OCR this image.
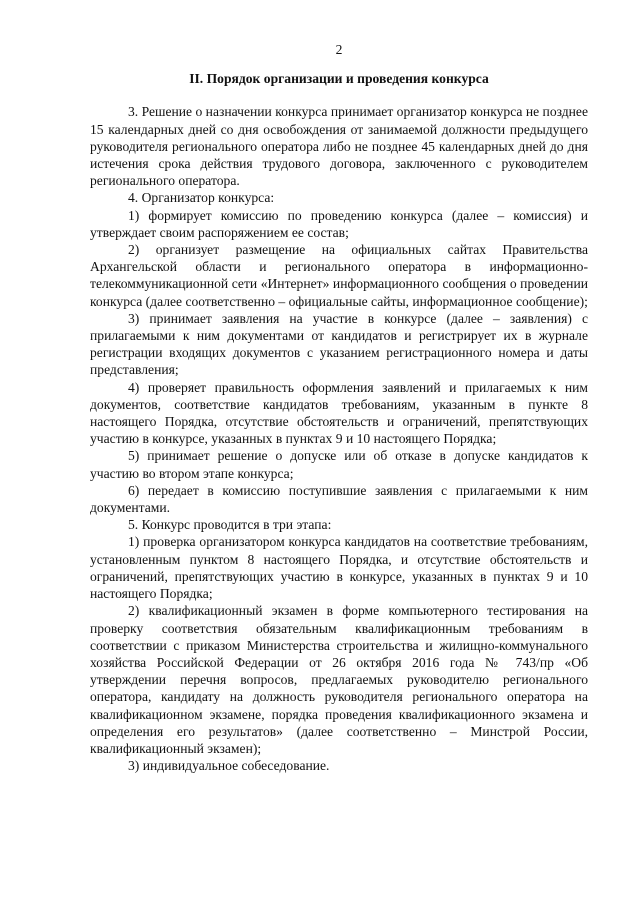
2
II. Порядок организации и проведения конкурса

3. Решение о назначении конкурса принимает организатор конкурса не позднее 15 календарных дней со дня освобождения от занимаемой должности предыдущего руководителя регионального оператора либо не позднее 45 календарных дней до дня истечения срока действия трудового договора, заключенного с руководителем регионального оператора.

4. Организатор конкурса:

1) формирует комиссию по проведению конкурса (далее – комиссия) и утверждает своим распоряжением ее состав;

2) организует размещение на официальных сайтах Правительства Архангельской области и регионального оператора в информационно-телекоммуникационной сети «Интернет» информационного сообщения о проведении конкурса (далее соответственно – официальные сайты, информационное сообщение);

3) принимает заявления на участие в конкурсе (далее – заявления) с прилагаемыми к ним документами от кандидатов и регистрирует их в журнале регистрации входящих документов с указанием регистрационного номера и даты представления;

4) проверяет правильность оформления заявлений и прилагаемых к ним документов, соответствие кандидатов требованиям, указанным в пункте 8 настоящего Порядка, отсутствие обстоятельств и ограничений, препятствующих участию в конкурсе, указанных в пунктах 9 и 10 настоящего Порядка;

5) принимает решение о допуске или об отказе в допуске кандидатов к участию во втором этапе конкурса;

6) передает в комиссию поступившие заявления с прилагаемыми к ним документами.

5. Конкурс проводится в три этапа:

1) проверка организатором конкурса кандидатов на соответствие требованиям, установленным пунктом 8 настоящего Порядка, и отсутствие обстоятельств и ограничений, препятствующих участию в конкурсе, указанных в пунктах 9 и 10 настоящего Порядка;

2) квалификационный экзамен в форме компьютерного тестирования на проверку соответствия обязательным квалификационным требованиям в соответствии с приказом Министерства строительства и жилищно-коммунального хозяйства Российской Федерации от 26 октября 2016 года № 743/пр «Об утверждении перечня вопросов, предлагаемых руководителю регионального оператора, кандидату на должность руководителя регионального оператора на квалификационном экзамене, порядка проведения квалификационного экзамена и определения его результатов» (далее соответственно – Минстрой России, квалификационный экзамен);

3) индивидуальное собеседование.
